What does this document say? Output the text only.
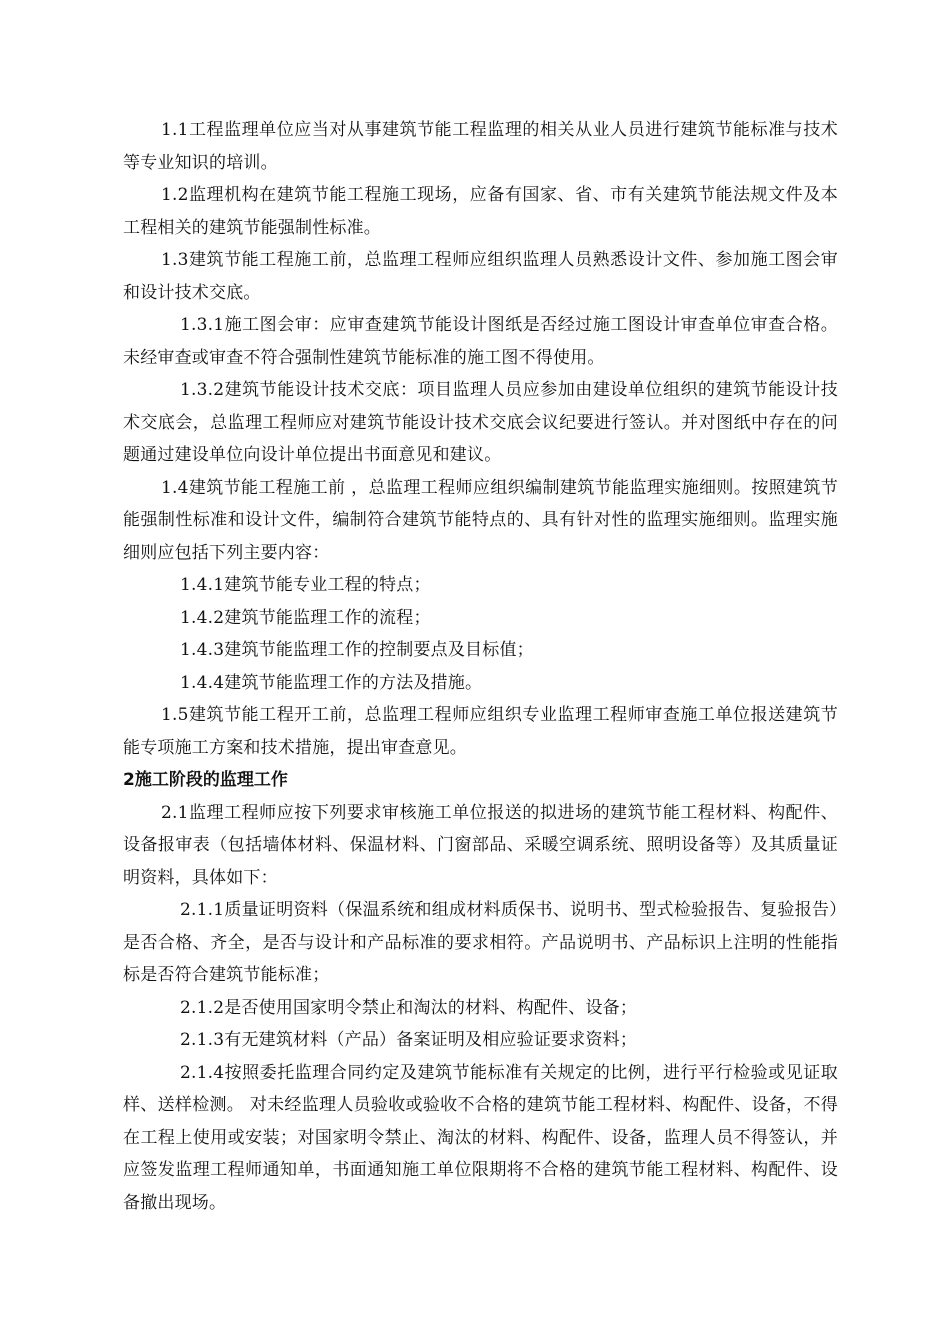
1.1工程监理单位应当对从事建筑节能工程监理的相关从业人员进行建筑节能标准与技术等专业知识的培训。

1.2监理机构在建筑节能工程施工现场，应备有国家、省、市有关建筑节能法规文件及本工程相关的建筑节能强制性标准。

1.3建筑节能工程施工前，总监理工程师应组织监理人员熟悉设计文件、参加施工图会审和设计技术交底。

1.3.1施工图会审：应审查建筑节能设计图纸是否经过施工图设计审查单位审查合格。未经审查或审查不符合强制性建筑节能标准的施工图不得使用。

1.3.2建筑节能设计技术交底：项目监理人员应参加由建设单位组织的建筑节能设计技术交底会，总监理工程师应对建筑节能设计技术交底会议纪要进行签认。并对图纸中存在的问题通过建设单位向设计单位提出书面意见和建议。

1.4建筑节能工程施工前 ，总监理工程师应组织编制建筑节能监理实施细则。按照建筑节能强制性标准和设计文件，编制符合建筑节能特点的、具有针对性的监理实施细则。监理实施细则应包括下列主要内容：

1.4.1建筑节能专业工程的特点；

1.4.2建筑节能监理工作的流程；

1.4.3建筑节能监理工作的控制要点及目标值；

1.4.4建筑节能监理工作的方法及措施。

1.5建筑节能工程开工前，总监理工程师应组织专业监理工程师审查施工单位报送建筑节能专项施工方案和技术措施，提出审查意见。

2施工阶段的监理工作

2.1监理工程师应按下列要求审核施工单位报送的拟进场的建筑节能工程材料、构配件、设备报审表（包括墙体材料、保温材料、门窗部品、采暖空调系统、照明设备等）及其质量证明资料，具体如下：

2.1.1质量证明资料（保温系统和组成材料质保书、说明书、型式检验报告、复验报告）是否合格、齐全，是否与设计和产品标准的要求相符。产品说明书、产品标识上注明的性能指标是否符合建筑节能标准；

2.1.2是否使用国家明令禁止和淘汰的材料、构配件、设备；

2.1.3有无建筑材料（产品）备案证明及相应验证要求资料；

2.1.4按照委托监理合同约定及建筑节能标准有关规定的比例，进行平行检验或见证取样、送样检测。 对未经监理人员验收或验收不合格的建筑节能工程材料、构配件、设备，不得在工程上使用或安装；对国家明令禁止、淘汰的材料、构配件、设备，监理人员不得签认，并应签发监理工程师通知单，书面通知施工单位限期将不合格的建筑节能工程材料、构配件、设备撤出现场。
